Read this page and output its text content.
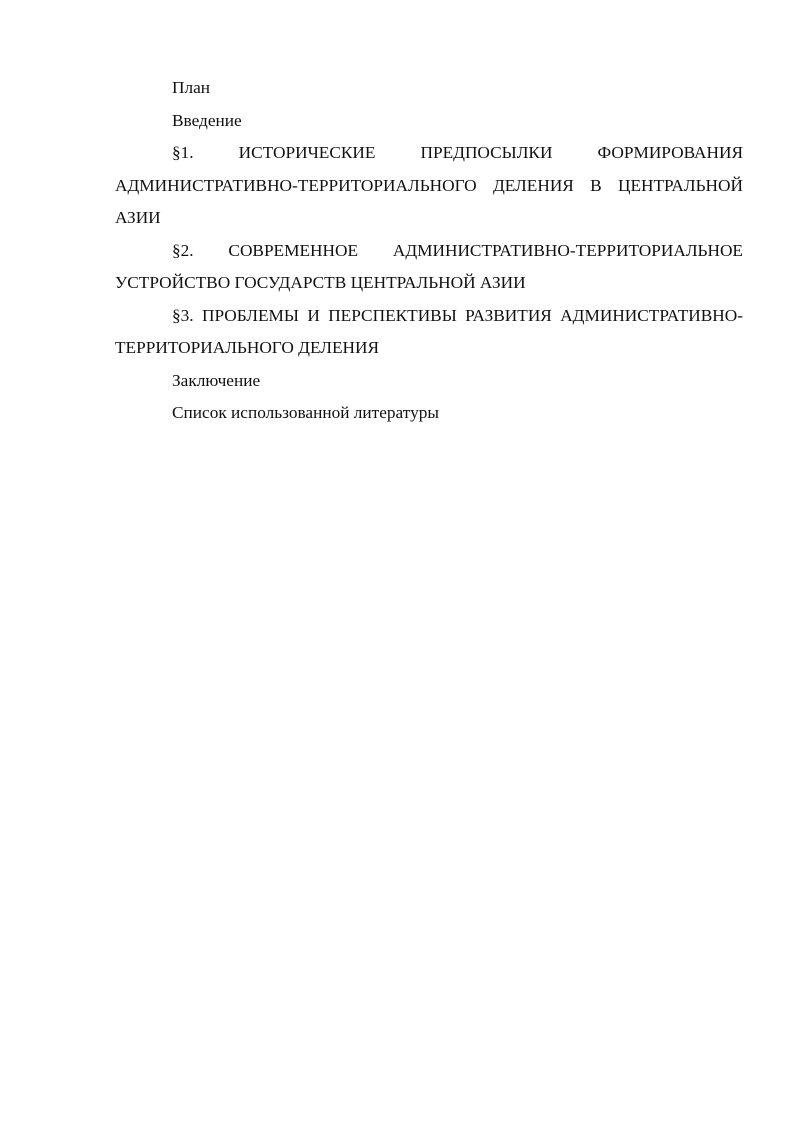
План

Введение

§1. ИСТОРИЧЕСКИЕ ПРЕДПОСЫЛКИ ФОРМИРОВАНИЯ АДМИНИСТРАТИВНО-ТЕРРИТОРИАЛЬНОГО ДЕЛЕНИЯ В ЦЕНТРАЛЬНОЙ АЗИИ

§2. СОВРЕМЕННОЕ АДМИНИСТРАТИВНО-ТЕРРИТОРИАЛЬНОЕ УСТРОЙСТВО ГОСУДАРСТВ ЦЕНТРАЛЬНОЙ АЗИИ

§3. ПРОБЛЕМЫ И ПЕРСПЕКТИВЫ РАЗВИТИЯ АДМИНИСТРАТИВНО-ТЕРРИТОРИАЛЬНОГО ДЕЛЕНИЯ

Заключение

Список использованной литературы
